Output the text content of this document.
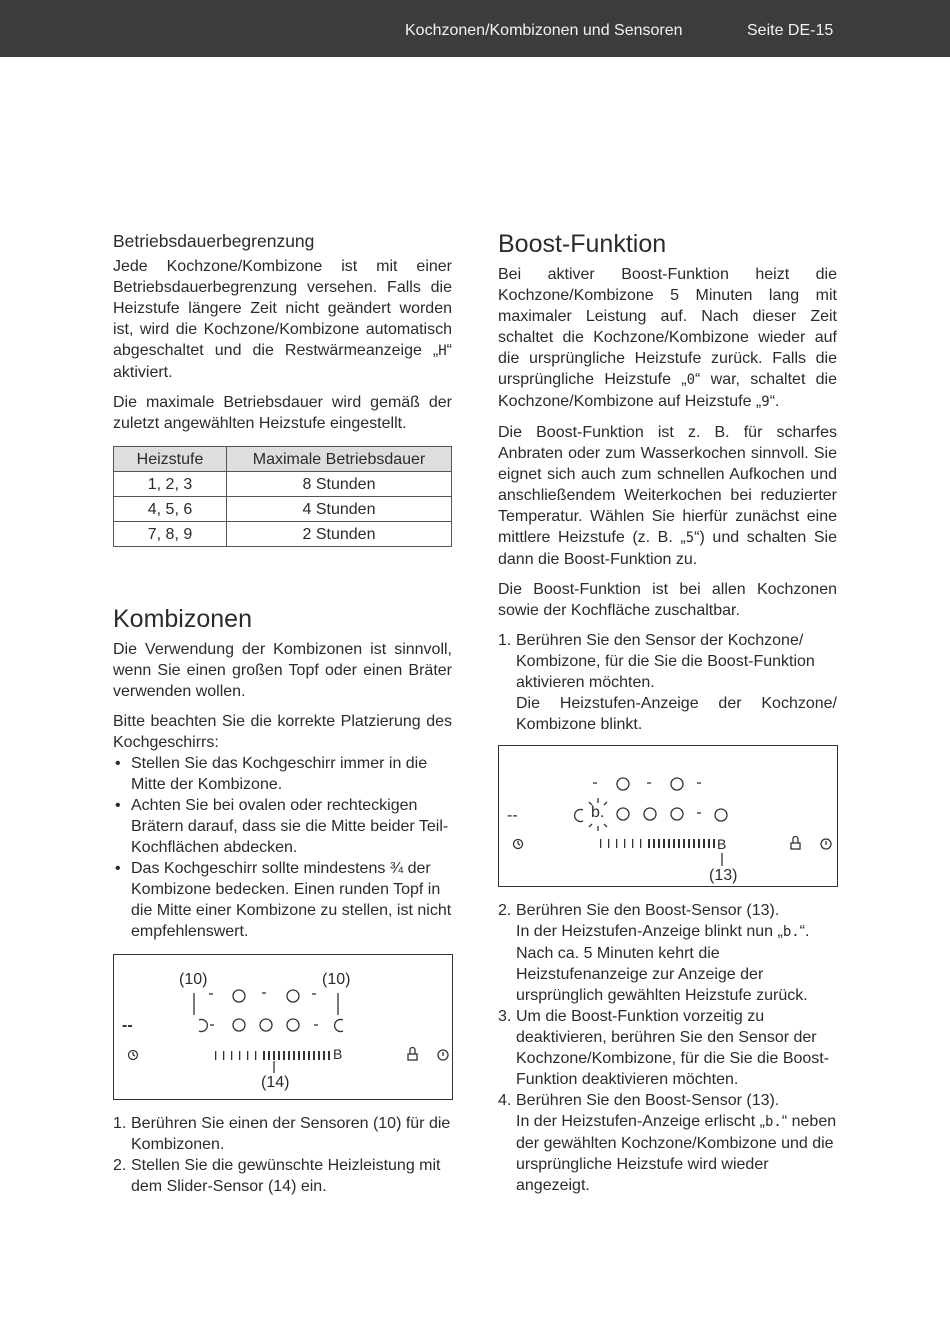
Kochzonen/Kombizonen und Sensoren	Seite DE-15
Betriebsdauerbegrenzung

Jede Kochzone/Kombizone ist mit einer Betriebsdauerbegrenzung versehen. Falls die Heizstufe längere Zeit nicht geändert worden ist, wird die Kochzone/Kombizone automatisch abgeschaltet und die Restwärmeanzeige „H“ aktiviert.

Die maximale Betriebsdauer wird gemäß der zuletzt angewählten Heizstufe eingestellt.

Heizstufe	Maximale Betriebsdauer
1, 2, 3	8 Stunden
4, 5, 6	4 Stunden
7, 8, 9	2 Stunden
Kombizonen

Die Verwendung der Kombizonen ist sinnvoll, wenn Sie einen großen Topf oder einen Bräter verwenden wollen.

Bitte beachten Sie die korrekte Platzierung des Kochgeschirrs:

• Stellen Sie das Kochgeschirr immer in die Mitte der Kombizone.
• Achten Sie bei ovalen oder rechteckigen Brätern darauf, dass sie die Mitte beider Teil-Kochflächen abdecken.
• Das Kochgeschirr sollte mindestens ¾ der Kombizone bedecken. Einen runden Topf in die Mitte einer Kombizone zu stellen, ist nicht empfehlenswert.
(10)	(10)
(14)
B
--
1. Berühren Sie einen der Sensoren (10) für die Kombizonen.
2. Stellen Sie die gewünschte Heizleistung mit dem Slider-Sensor (14) ein.
Boost-Funktion

Bei aktiver Boost-Funktion heizt die Kochzone/Kombizone 5 Minuten lang mit maximaler Leistung auf. Nach dieser Zeit schaltet die Kochzone/Kombizone wieder auf die ursprüngliche Heizstufe zurück. Falls die ursprüngliche Heizstufe „0“ war, schaltet die Kochzone/Kombizone auf Heizstufe „9“.

Die Boost-Funktion ist z. B. für scharfes Anbraten oder zum Wasserkochen sinnvoll. Sie eignet sich auch zum schnellen Aufkochen und anschließendem Weiterkochen bei reduzierter Temperatur. Wählen Sie hierfür zunächst eine mittlere Heizstufe (z. B. „5“) und schalten Sie dann die Boost-Funktion zu.

Die Boost-Funktion ist bei allen Kochzonen sowie der Kochfläche zuschaltbar.

1. Berühren Sie den Sensor der Kochzone/ Kombizone, für die Sie die Boost-Funktion aktivieren möchten.
Die Heizstufen-Anzeige der Kochzone/ Kombizone blinkt.
b.
(13)
B
--
2. Berühren Sie den Boost-Sensor (13).
In der Heizstufen-Anzeige blinkt nun „b.“. Nach ca. 5 Minuten kehrt die Heizstufenanzeige zur Anzeige der ursprünglich gewählten Heizstufe zurück.
3. Um die Boost-Funktion vorzeitig zu deaktivieren, berühren Sie den Sensor der Kochzone/Kombizone, für die Sie die Boost-Funktion deaktivieren möchten.
4. Berühren Sie den Boost-Sensor (13).
In der Heizstufen-Anzeige erlischt „b.“ neben der gewählten Kochzone/Kombizone und die ursprüngliche Heizstufe wird wieder angezeigt.
